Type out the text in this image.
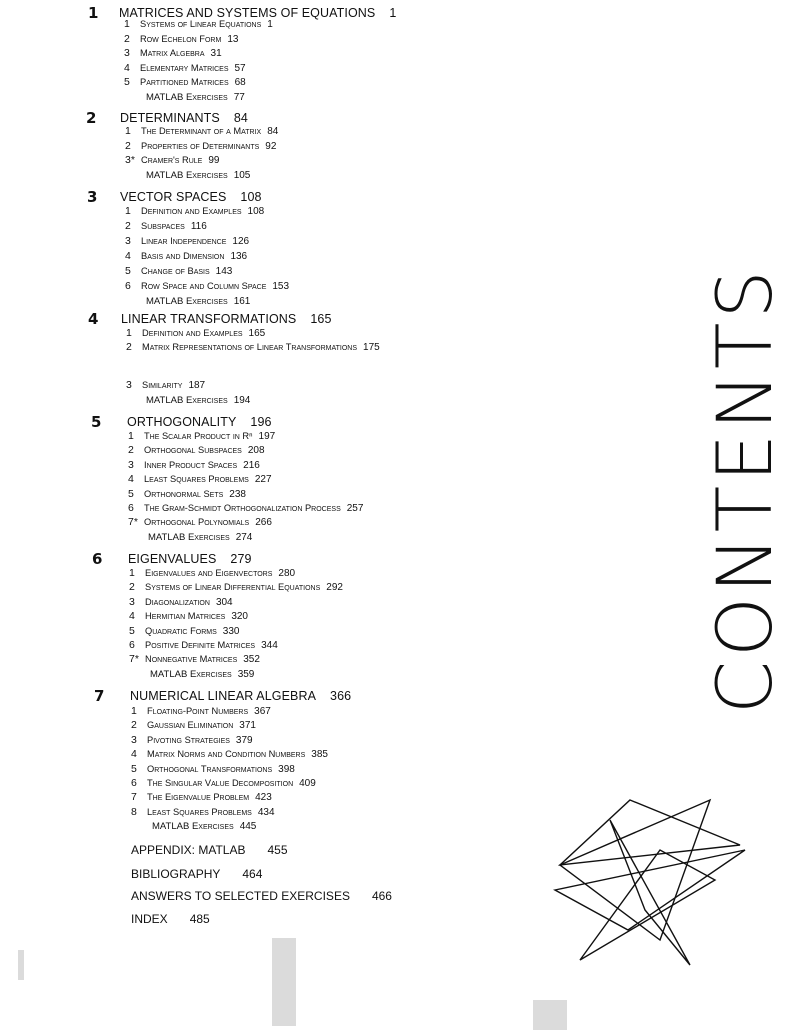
1	MATRICES AND SYSTEMS OF EQUATIONS 1
1 Systems of Linear Equations 1
2 Row Echelon Form 13
3 Matrix Algebra 31
4 Elementary Matrices 57
5 Partitioned Matrices 68
MATLAB Exercises 77
2	DETERMINANTS 84
1 The Determinant of a Matrix 84
2 Properties of Determinants 92
3* Cramer's Rule 99
MATLAB Exercises 105
3	VECTOR SPACES 108
1 Definition and Examples 108
2 Subspaces 116
3 Linear Independence 126
4 Basis and Dimension 136
5 Change of Basis 143
6 Row Space and Column Space 153
MATLAB Exercises 161
4	LINEAR TRANSFORMATIONS 165
1 Definition and Examples 165
2 Matrix Representations of Linear Transformations 175
3 Similarity 187
MATLAB Exercises 194
5	ORTHOGONALITY 196
1 The Scalar Product in Rⁿ 197
2 Orthogonal Subspaces 208
3 Inner Product Spaces 216
4 Least Squares Problems 227
5 Orthonormal Sets 238
6 The Gram-Schmidt Orthogonalization Process 257
7* Orthogonal Polynomials 266
MATLAB Exercises 274
6	EIGENVALUES 279
1 Eigenvalues and Eigenvectors 280
2 Systems of Linear Differential Equations 292
3 Diagonalization 304
4 Hermitian Matrices 320
5 Quadratic Forms 330
6 Positive Definite Matrices 344
7* Nonnegative Matrices 352
MATLAB Exercises 359
7	NUMERICAL LINEAR ALGEBRA 366
1 Floating-Point Numbers 367
2 Gaussian Elimination 371
3 Pivoting Strategies 379
4 Matrix Norms and Condition Numbers 385
5 Orthogonal Transformations 398
6 The Singular Value Decomposition 409
7 The Eigenvalue Problem 423
8 Least Squares Problems 434
MATLAB Exercises 445
APPENDIX: MATLAB 455
BIBLIOGRAPHY 464
ANSWERS TO SELECTED EXERCISES 466
INDEX 485
CONTENTS
